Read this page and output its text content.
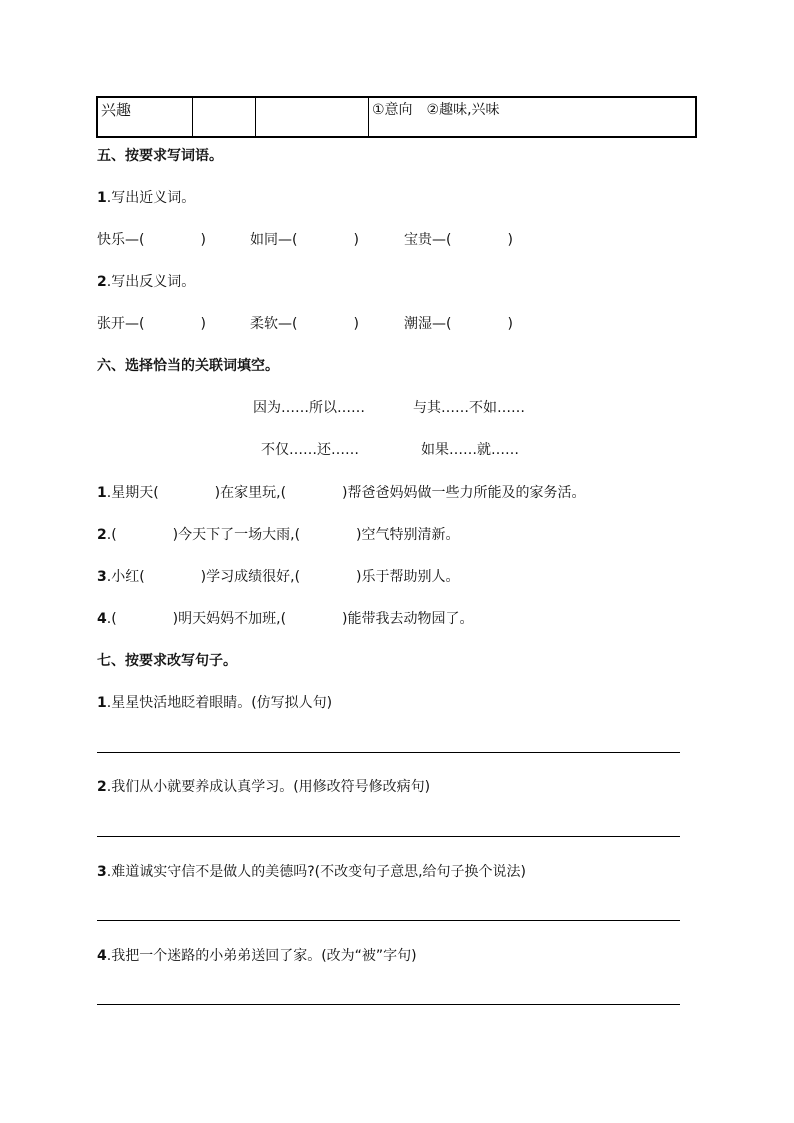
兴趣			①意向　②趣味,兴味
五、按要求写词语。
1.写出近义词。
快乐—(　　　　)	如同—(　　　　)	宝贵—(　　　　)
2.写出反义词。
张开—(　　　　)	柔软—(　　　　)	潮湿—(　　　　)
六、选择恰当的关联词填空。
因为……所以……	与其……不如……
不仅……还……	如果……就……
1.星期天(　　　　)在家里玩,(　　　　)帮爸爸妈妈做一些力所能及的家务活。
2.(　　　　)今天下了一场大雨,(　　　　)空气特别清新。
3.小红(　　　　)学习成绩很好,(　　　　)乐于帮助别人。
4.(　　　　)明天妈妈不加班,(　　　　)能带我去动物园了。
七、按要求改写句子。
1.星星快活地眨着眼睛。(仿写拟人句)
2.我们从小就要养成认真学习。(用修改符号修改病句)
3.难道诚实守信不是做人的美德吗?(不改变句子意思,给句子换个说法)
4.我把一个迷路的小弟弟送回了家。(改为“被”字句)
